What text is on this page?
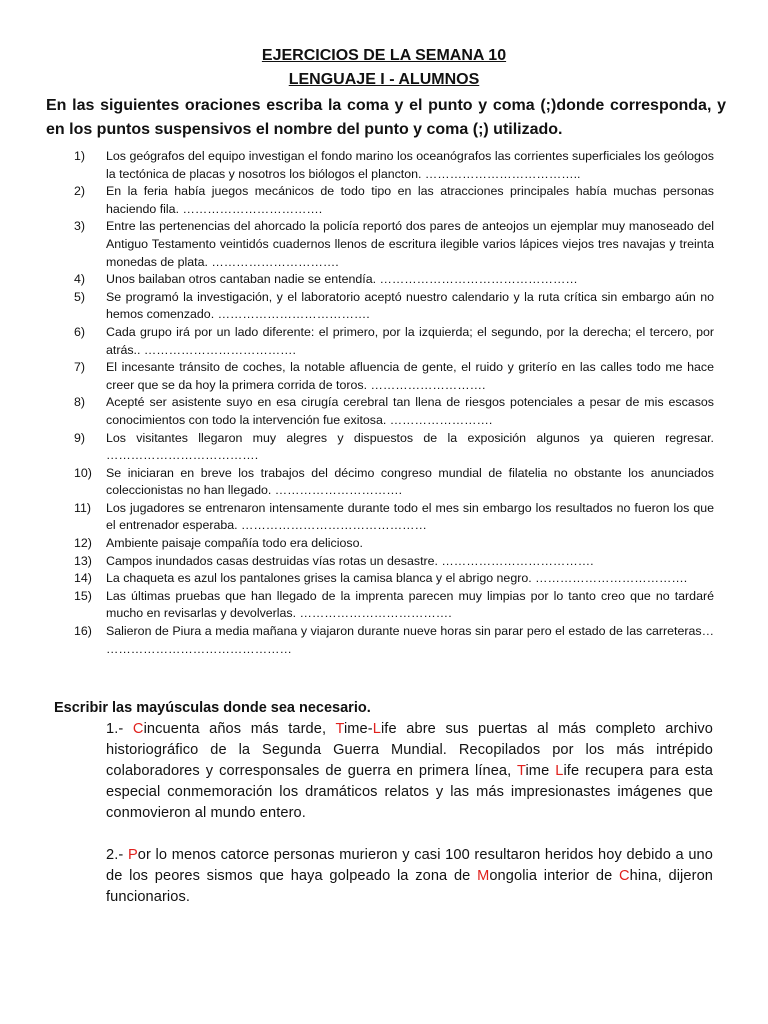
EJERCICIOS DE LA SEMANA 10
LENGUAJE I - ALUMNOS
En las siguientes oraciones escriba la coma y el punto y coma (;)donde corresponda, y en los puntos suspensivos el nombre del punto y coma (;) utilizado.
1)	Los geógrafos del equipo investigan el fondo marino los oceanógrafos las corrientes superficiales los geólogos la tectónica de placas y nosotros los biólogos el plancton. ………………………………..
2)	En la feria había juegos mecánicos de todo tipo en las atracciones principales había muchas personas haciendo fila. …………………………….
3)	Entre las pertenencias del ahorcado la policía reportó dos pares de anteojos un ejemplar muy manoseado del Antiguo Testamento veintidós cuadernos llenos de escritura ilegible varios lápices viejos tres navajas y treinta monedas de plata. ………………………….
4)	Unos bailaban otros cantaban nadie se entendía. …………………………………………
5)	Se programó la investigación, y el laboratorio aceptó nuestro calendario y la ruta crítica sin embargo aún no hemos comenzado. ……………………………….
6)	Cada grupo irá por un lado diferente: el primero, por la izquierda; el segundo, por la derecha; el tercero, por atrás.. ……………………………….
7)	El incesante tránsito de coches, la notable afluencia de gente, el ruido y griterío en las calles todo me hace creer que se da hoy la primera corrida de toros. ……………………….
8)	Acepté ser asistente suyo en esa cirugía cerebral tan llena de riesgos potenciales a pesar de mis escasos conocimientos con todo la intervención fue exitosa. …………………….
9)	Los visitantes llegaron muy alegres y dispuestos de la exposición algunos ya quieren regresar. ……………………………….
10)	Se iniciaran en breve los trabajos del décimo congreso mundial de filatelia no obstante los anunciados coleccionistas no han llegado. ………………………….
11)	Los jugadores se entrenaron intensamente durante todo el mes sin embargo los resultados no fueron los que el entrenador esperaba. ………………………………………
12)	Ambiente paisaje compañía todo era delicioso.
13)	Campos inundados casas destruidas vías rotas un desastre. ……………………………….
14)	La chaqueta es azul los pantalones grises la camisa blanca y el abrigo negro. ……………………………….
15)	Las últimas pruebas que han llegado de la imprenta parecen muy limpias por lo tanto creo que no tardaré mucho en revisarlas y devolverlas. ……………………………….
16)	Salieron de Piura a media mañana y viajaron durante nueve horas sin parar pero el estado de las carreteras… ………………………………………
Escribir las mayúsculas donde sea necesario.

1.- Cincuenta años más tarde, Time-Life abre sus puertas al más completo archivo historiográfico de la Segunda Guerra Mundial. Recopilados por los más intrépido colaboradores y corresponsales de guerra en primera línea, Time Life recupera para esta especial conmemoración los dramáticos relatos y las más impresionastes imágenes que conmovieron al mundo entero.

2.- Por lo menos catorce personas murieron y casi 100 resultaron heridos hoy debido a uno de los peores sismos que haya golpeado la zona de Mongolia interior de China, dijeron funcionarios.
